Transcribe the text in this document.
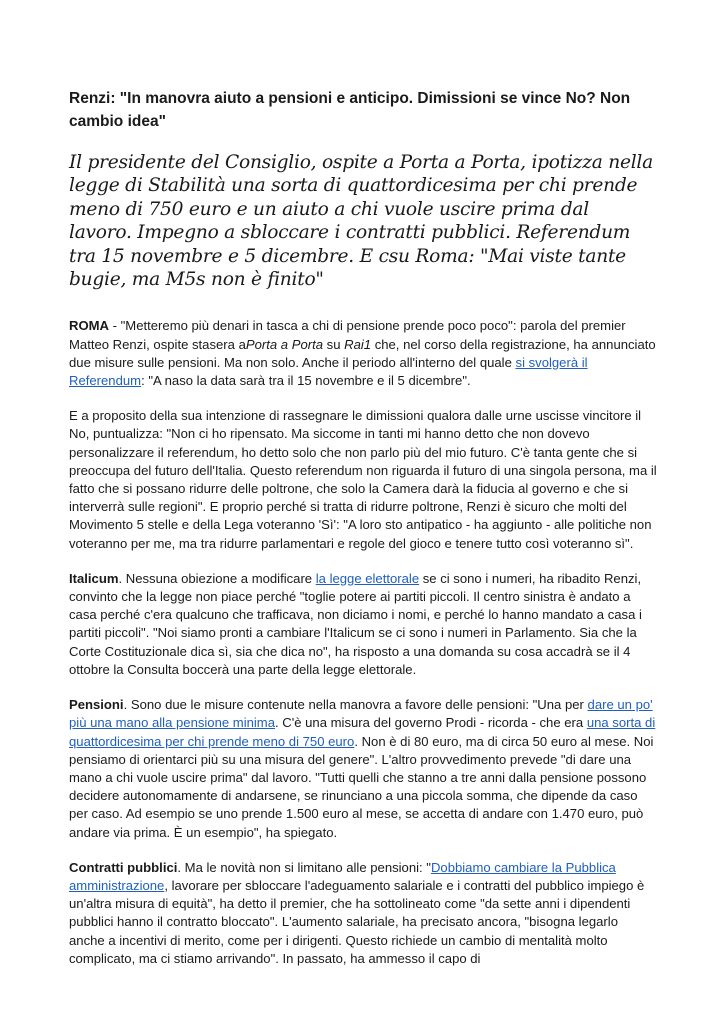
Renzi: "In manovra aiuto a pensioni e anticipo. Dimissioni se vince No? Non cambio idea"

Il presidente del Consiglio, ospite a Porta a Porta, ipotizza nella legge di Stabilità una sorta di quattordicesima per chi prende meno di 750 euro e un aiuto a chi vuole uscire prima dal lavoro. Impegno a sbloccare i contratti pubblici. Referendum tra 15 novembre e 5 dicembre. E csu Roma: "Mai viste tante bugie, ma M5s non è finito"

ROMA - "Metteremo più denari in tasca a chi di pensione prende poco poco": parola del premier Matteo Renzi, ospite stasera aPorta a Porta su Rai1 che, nel corso della registrazione, ha annunciato due misure sulle pensioni. Ma non solo. Anche il periodo all'interno del quale si svolgerà il Referendum: "A naso la data sarà tra il 15 novembre e il 5 dicembre".

E a proposito della sua intenzione di rassegnare le dimissioni qualora dalle urne uscisse vincitore il No, puntualizza: "Non ci ho ripensato. Ma siccome in tanti mi hanno detto che non dovevo personalizzare il referendum, ho detto solo che non parlo più del mio futuro. C'è tanta gente che si preoccupa del futuro dell'Italia. Questo referendum non riguarda il futuro di una singola persona, ma il fatto che si possano ridurre delle poltrone, che solo la Camera darà la fiducia al governo e che si interverrà sulle regioni". E proprio perché si tratta di ridurre poltrone, Renzi è sicuro che molti del Movimento 5 stelle e della Lega voteranno 'Sì': "A loro sto antipatico - ha aggiunto - alle politiche non voteranno per me, ma tra ridurre parlamentari e regole del gioco e tenere tutto così voteranno sì".

Italicum. Nessuna obiezione a modificare la legge elettorale se ci sono i numeri, ha ribadito Renzi, convinto che la legge non piace perché "toglie potere ai partiti piccoli. Il centro sinistra è andato a casa perché c'era qualcuno che trafficava, non diciamo i nomi, e perché lo hanno mandato a casa i partiti piccoli". "Noi siamo pronti a cambiare l'Italicum se ci sono i numeri in Parlamento. Sia che la Corte Costituzionale dica sì, sia che dica no", ha risposto a una domanda su cosa accadrà se il 4 ottobre la Consulta boccerà una parte della legge elettorale.

Pensioni. Sono due le misure contenute nella manovra a favore delle pensioni: "Una per dare un po' più una mano alla pensione minima. C'è una misura del governo Prodi - ricorda - che era una sorta di quattordicesima per chi prende meno di 750 euro. Non è di 80 euro, ma di circa 50 euro al mese. Noi pensiamo di orientarci più su una misura del genere". L'altro provvedimento prevede "di dare una mano a chi vuole uscire prima" dal lavoro. "Tutti quelli che stanno a tre anni dalla pensione possono decidere autonomamente di andarsene, se rinunciano a una piccola somma, che dipende da caso per caso. Ad esempio se uno prende 1.500 euro al mese, se accetta di andare con 1.470 euro, può andare via prima. È un esempio", ha spiegato.

Contratti pubblici. Ma le novità non si limitano alle pensioni: "Dobbiamo cambiare la Pubblica amministrazione, lavorare per sbloccare l'adeguamento salariale e i contratti del pubblico impiego è un'altra misura di equità", ha detto il premier, che ha sottolineato come "da sette anni i dipendenti pubblici hanno il contratto bloccato". L'aumento salariale, ha precisato ancora, "bisogna legarlo anche a incentivi di merito, come per i dirigenti. Questo richiede un cambio di mentalità molto complicato, ma ci stiamo arrivando". In passato, ha ammesso il capo di
